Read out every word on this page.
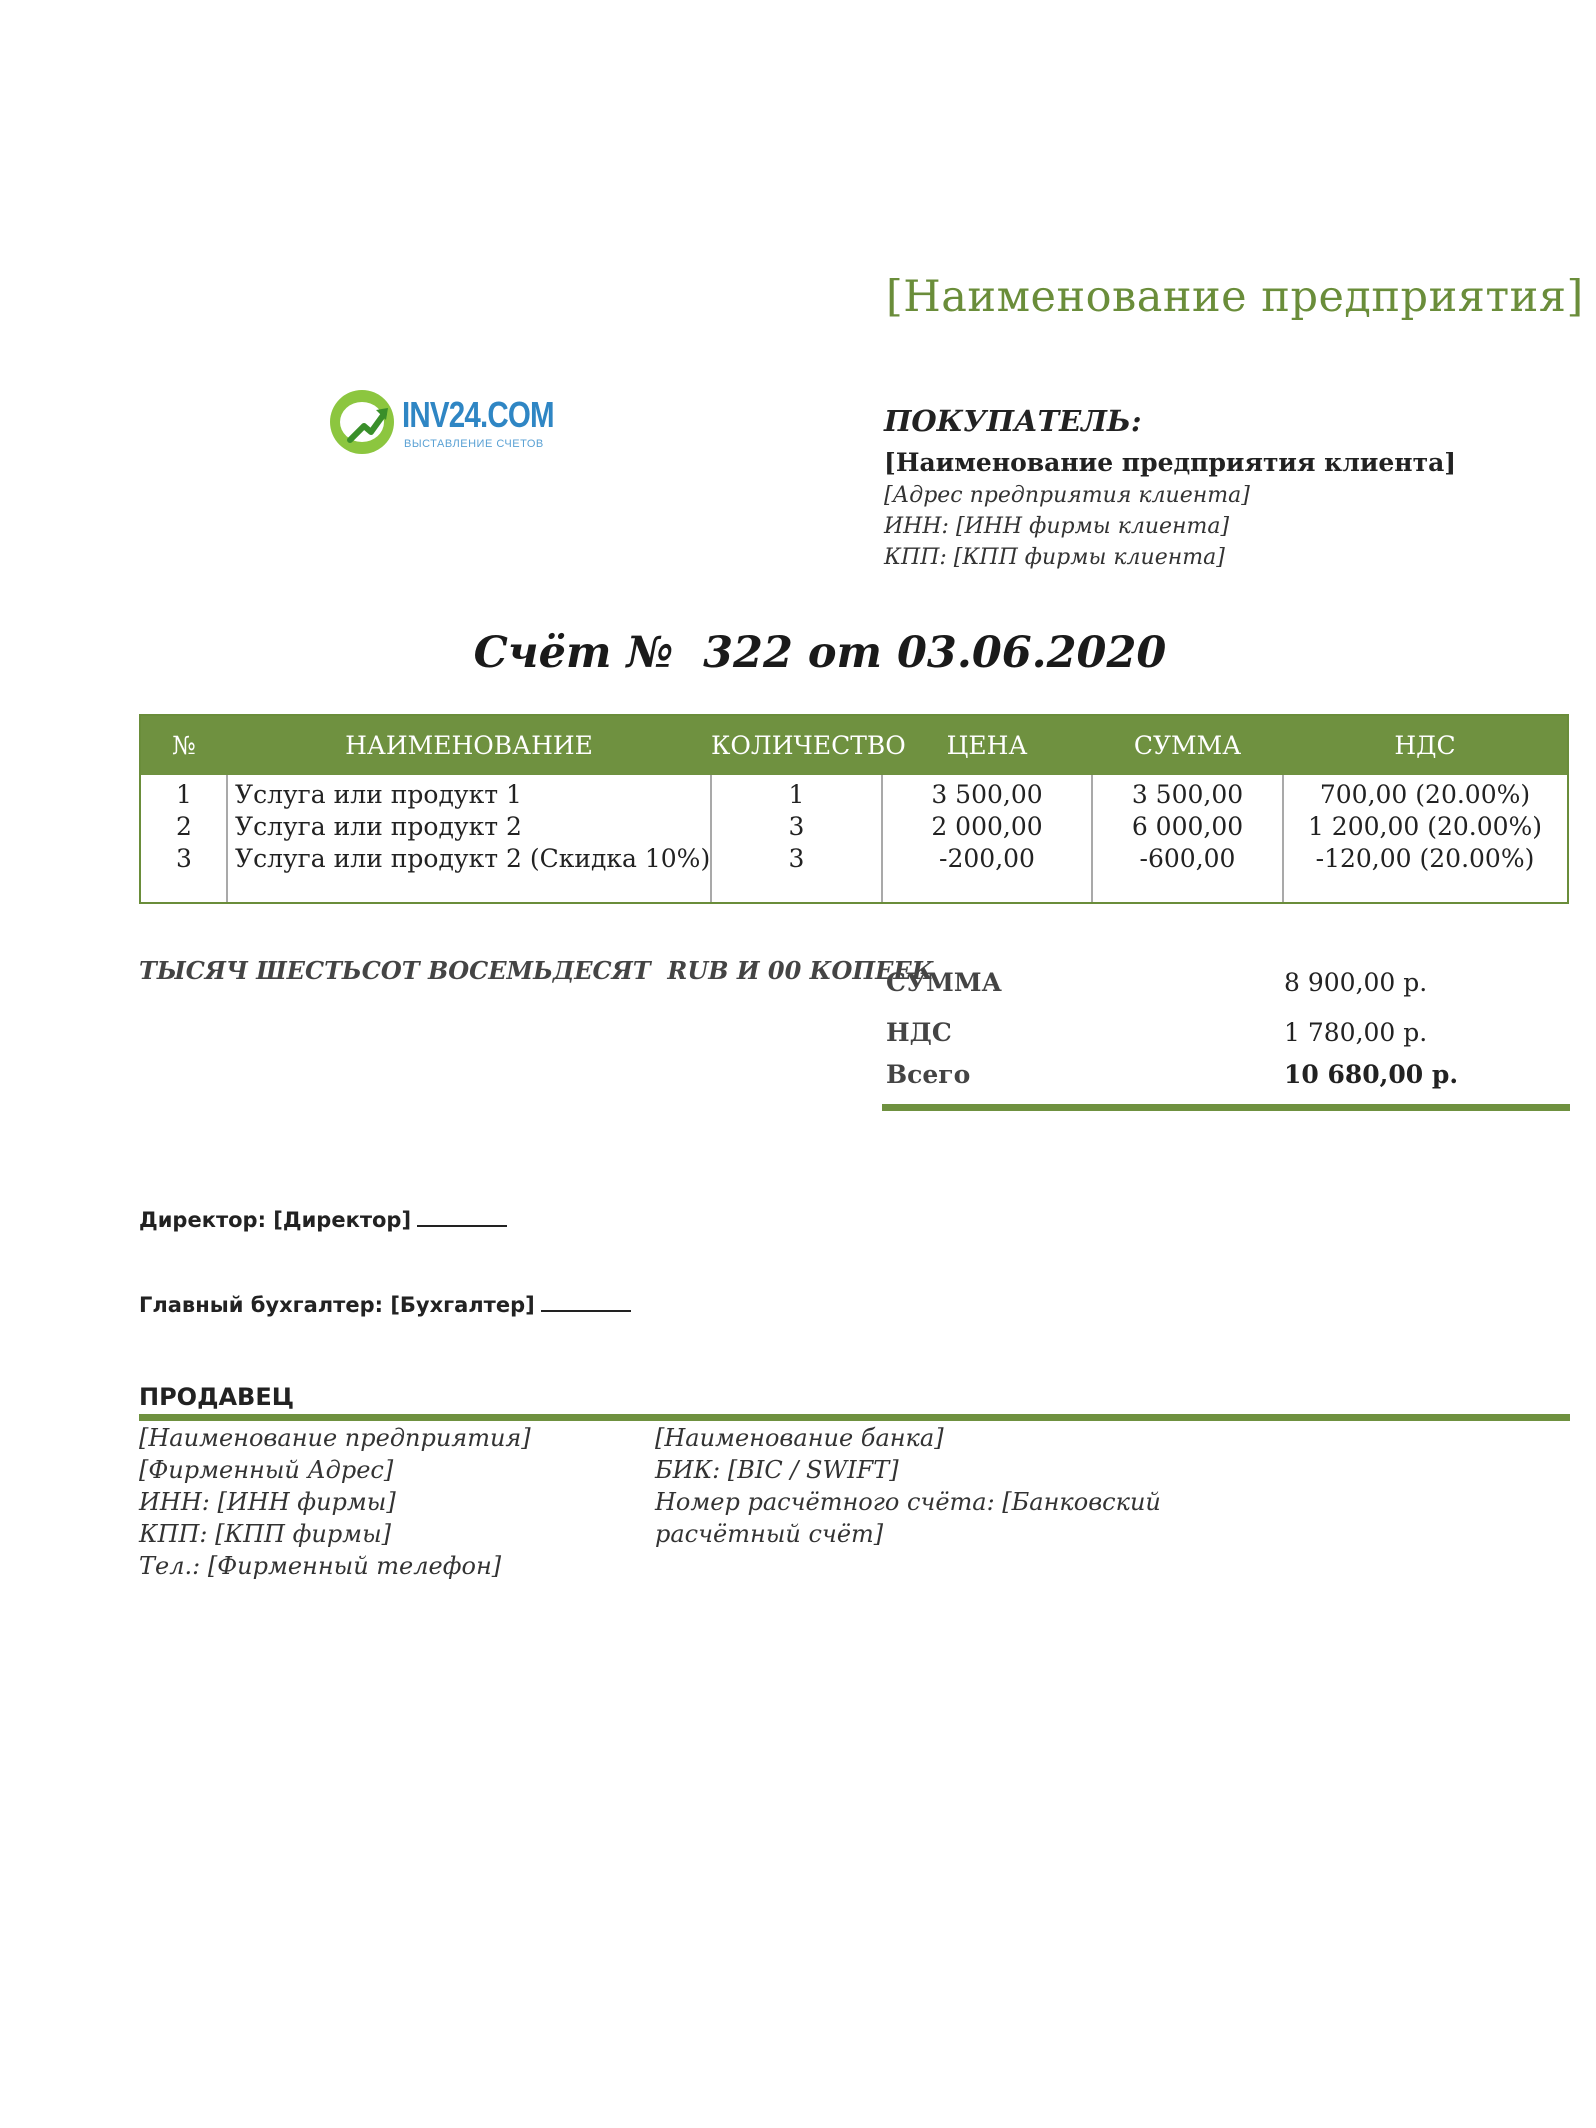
[Наименование предприятия]
INV24.COM
ВЫСТАВЛЕНИЕ СЧЕТОВ
ПОКУПАТЕЛЬ:
[Наименование предприятия клиента]
[Адрес предприятия клиента]
ИНН: [ИНН фирмы клиента]
КПП: [КПП фирмы клиента]
Счёт №  322 от 03.06.2020
№	НАИМЕНОВАНИЕ	КОЛИЧЕСТВО	ЦЕНА	СУММА	НДС
1	Услуга или продукт 1	1	3 500,00	3 500,00	700,00 (20.00%)
2	Услуга или продукт 2	3	2 000,00	6 000,00	1 200,00 (20.00%)
3	Услуга или продукт 2 (Скидка 10%)	3	-200,00	-600,00	-120,00 (20.00%)
ТЫСЯЧ ШЕСТЬСОТ ВОСЕМЬДЕСЯТ  RUB И 00 КОПЕЕК
СУММА	8 900,00 р.
НДС	1 780,00 р.
Всего	10 680,00 р.
Директор: [Директор]
Главный бухгалтер: [Бухгалтер]
ПРОДАВЕЦ
[Наименование предприятия]
[Фирменный Адрес]
ИНН: [ИНН фирмы]
КПП: [КПП фирмы]
Тел.: [Фирменный телефон]
[Наименование банка]
БИК: [BIC / SWIFT]
Номер расчётного счёта: [Банковский
расчётный счёт]
